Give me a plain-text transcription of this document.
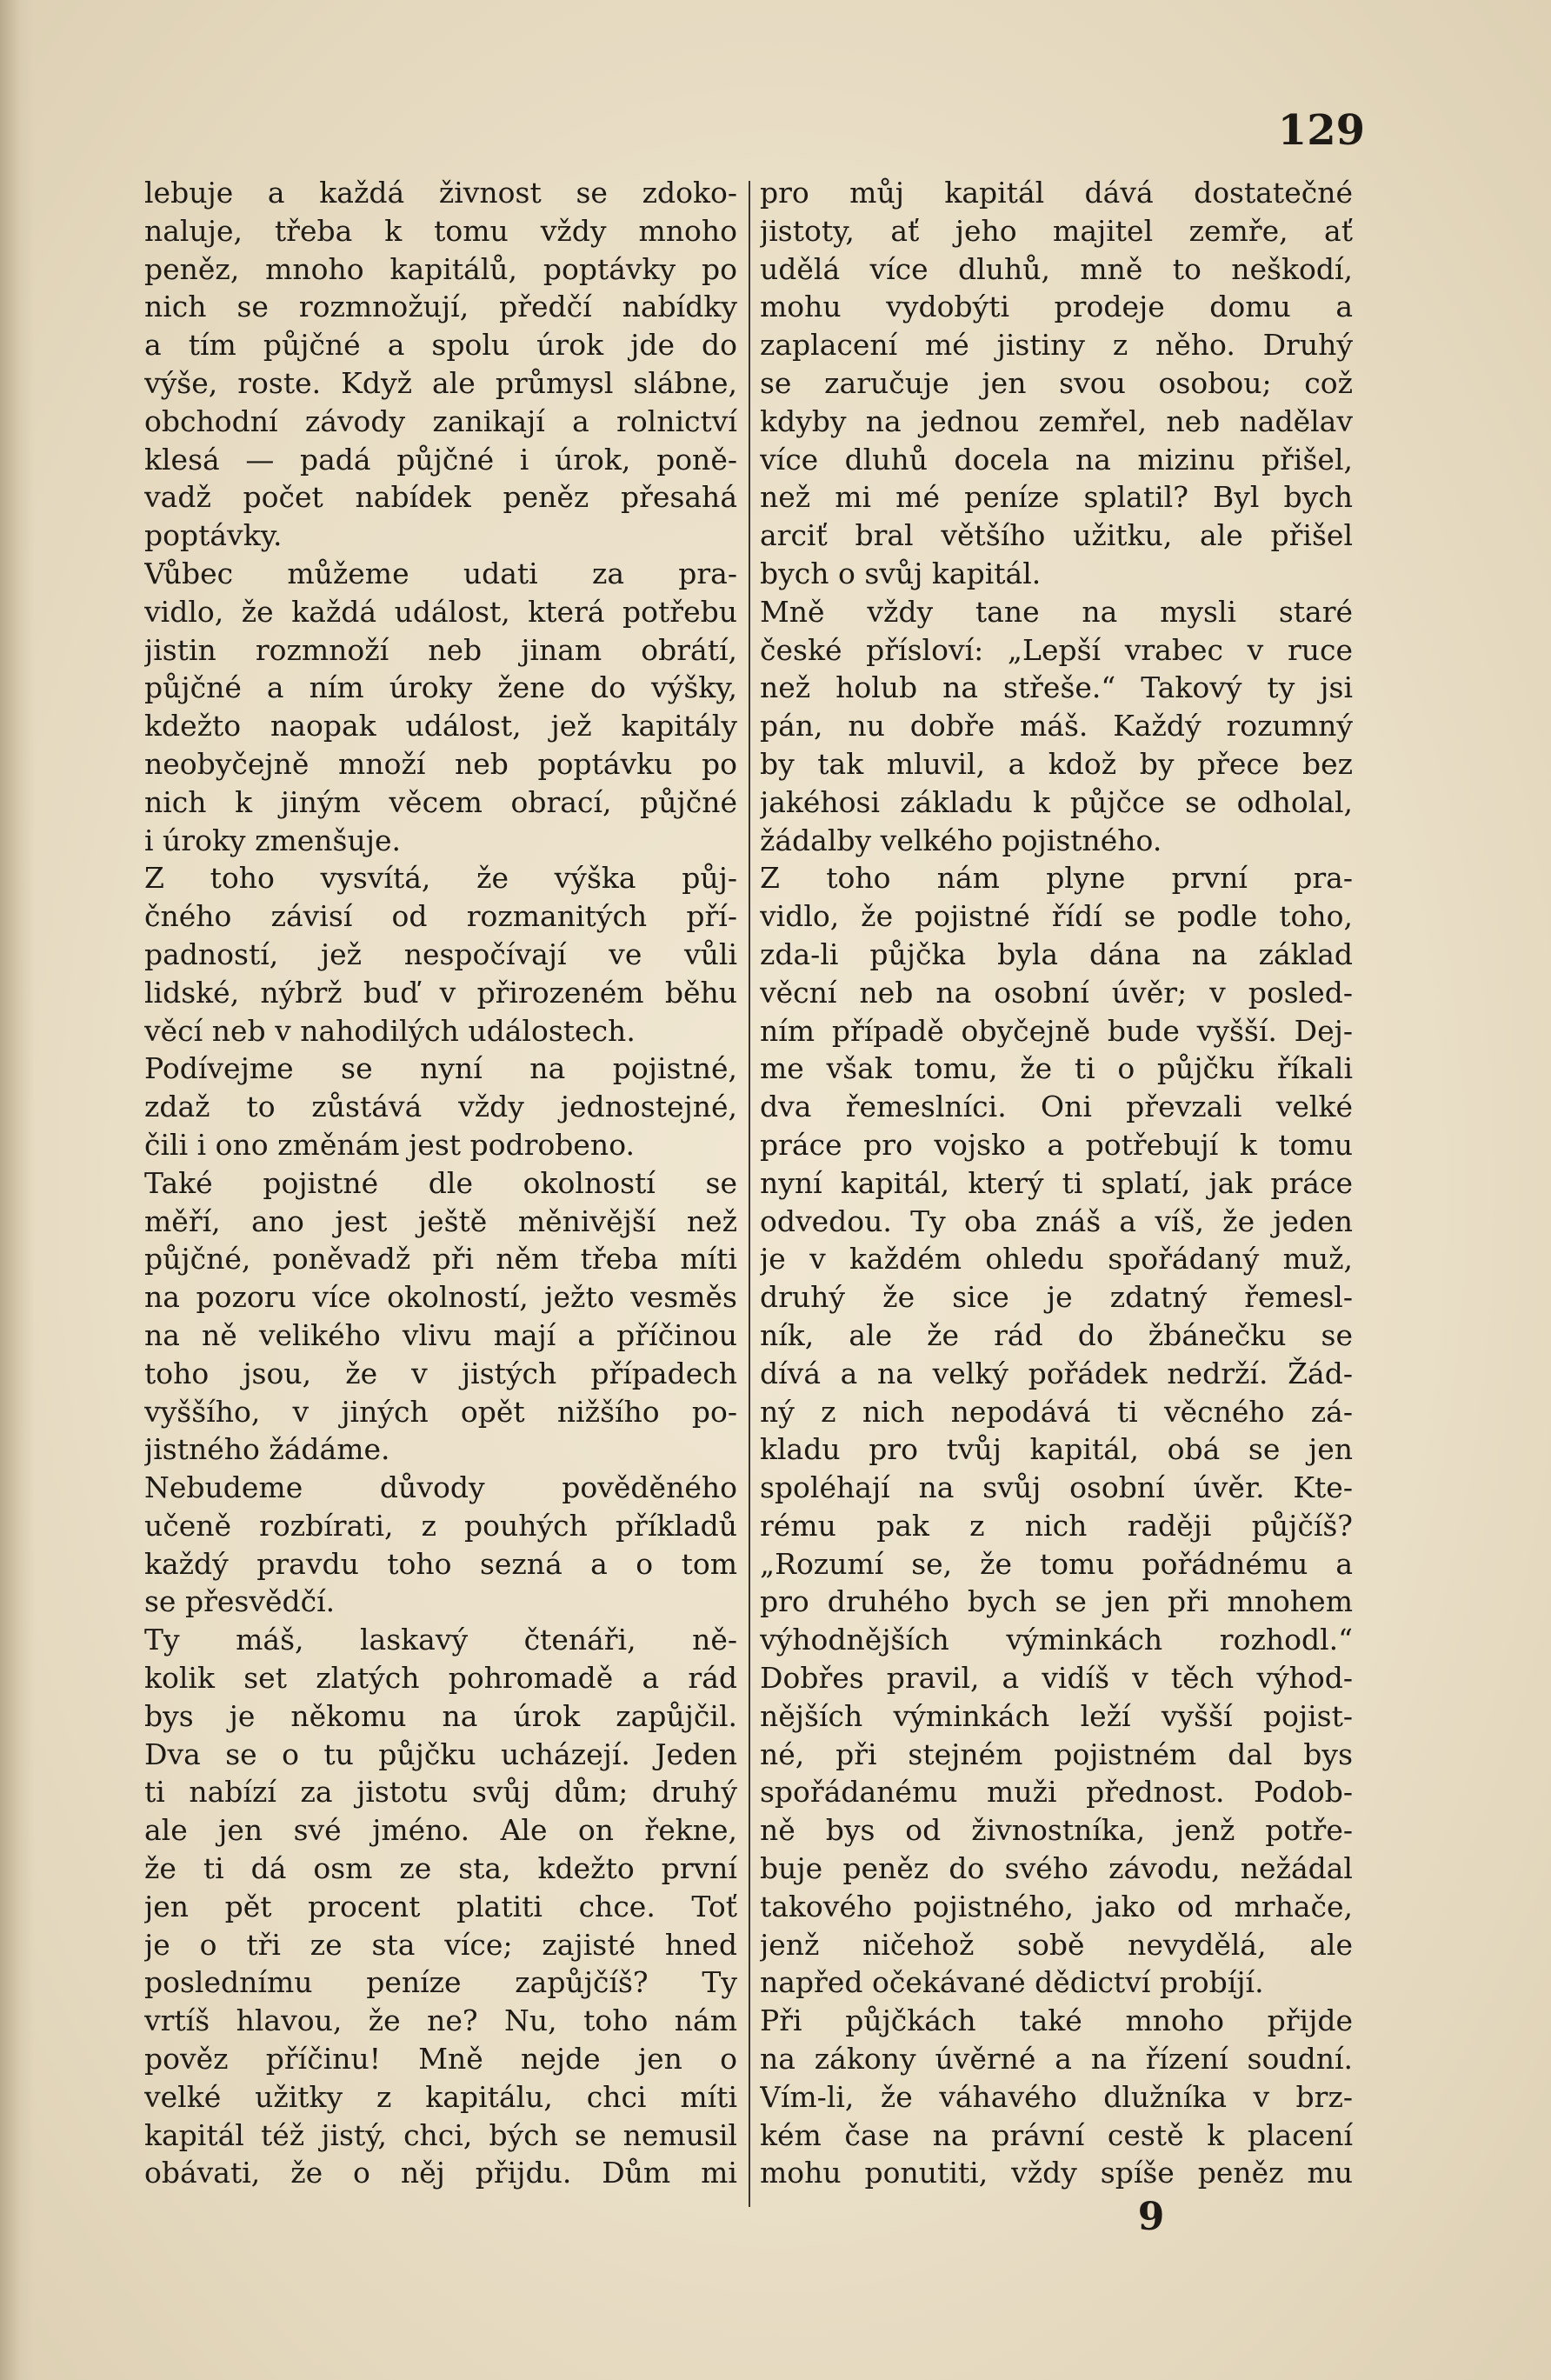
129
lebuje a každá živnost se zdoko-
naluje, třeba k tomu vždy mnoho
peněz, mnoho kapitálů, poptávky po
nich se rozmnožují, předčí nabídky
a tím půjčné a spolu úrok jde do
výše, roste. Když ale průmysl slábne,
obchodní závody zanikají a rolnictví
klesá — padá půjčné i úrok, poně-
vadž počet nabídek peněz přesahá
poptávky.
Vůbec můžeme udati za pra-
vidlo, že každá událost, která potřebu
jistin rozmnoží neb jinam obrátí,
půjčné a ním úroky žene do výšky,
kdežto naopak událost, jež kapitály
neobyčejně množí neb poptávku po
nich k jiným věcem obrací, půjčné
i úroky zmenšuje.
Z toho vysvítá, že výška půj-
čného závisí od rozmanitých pří-
padností, jež nespočívají ve vůli
lidské, nýbrž buď v přirozeném běhu
věcí neb v nahodilých událostech.
Podívejme se nyní na pojistné,
zdaž to zůstává vždy jednostejné,
čili i ono změnám jest podrobeno.
Také pojistné dle okolností se
měří, ano jest ještě měnivější než
půjčné, poněvadž při něm třeba míti
na pozoru více okolností, ježto vesměs
na ně velikého vlivu mají a příčinou
toho jsou, že v jistých případech
vyššího, v jiných opět nižšího po-
jistného žádáme.
Nebudeme důvody pověděného
učeně rozbírati, z pouhých příkladů
každý pravdu toho sezná a o tom
se přesvědčí.
Ty máš, laskavý čtenáři, ně-
kolik set zlatých pohromadě a rád
bys je někomu na úrok zapůjčil.
Dva se o tu půjčku ucházejí. Jeden
ti nabízí za jistotu svůj dům; druhý
ale jen své jméno. Ale on řekne,
že ti dá osm ze sta, kdežto první
jen pět procent platiti chce. Toť
je o tři ze sta více; zajisté hned
poslednímu peníze zapůjčíš? Ty
vrtíš hlavou, že ne? Nu, toho nám
pověz příčinu! Mně nejde jen o
velké užitky z kapitálu, chci míti
kapitál též jistý, chci, bých se nemusil
obávati, že o něj přijdu. Dům mi
pro můj kapitál dává dostatečné
jistoty, ať jeho majitel zemře, ať
udělá více dluhů, mně to neškodí,
mohu vydobýti prodeje domu a
zaplacení mé jistiny z něho. Druhý
se zaručuje jen svou osobou; což
kdyby na jednou zemřel, neb nadělav
více dluhů docela na mizinu přišel,
než mi mé peníze splatil? Byl bych
arciť bral většího užitku, ale přišel
bych o svůj kapitál.
Mně vždy tane na mysli staré
české přísloví: „Lepší vrabec v ruce
než holub na střeše.“ Takový ty jsi
pán, nu dobře máš. Každý rozumný
by tak mluvil, a kdož by přece bez
jakéhosi základu k půjčce se odholal,
žádalby velkého pojistného.
Z toho nám plyne první pra-
vidlo, že pojistné řídí se podle toho,
zda-li půjčka byla dána na základ
věcní neb na osobní úvěr; v posled-
ním případě obyčejně bude vyšší. Dej-
me však tomu, že ti o půjčku říkali
dva řemeslníci. Oni převzali velké
práce pro vojsko a potřebují k tomu
nyní kapitál, který ti splatí, jak práce
odvedou. Ty oba znáš a víš, že jeden
je v každém ohledu spořádaný muž,
druhý že sice je zdatný řemesl-
ník, ale že rád do žbánečku se
dívá a na velký pořádek nedrží. Žád-
ný z nich nepodává ti věcného zá-
kladu pro tvůj kapitál, obá se jen
spoléhají na svůj osobní úvěr. Kte-
rému pak z nich raději půjčíš?
„Rozumí se, že tomu pořádnému a
pro druhého bych se jen při mnohem
výhodnějších výminkách rozhodl.“
Dobřes pravil, a vidíš v těch výhod-
nějších výminkách leží vyšší pojist-
né, při stejném pojistném dal bys
spořádanému muži přednost. Podob-
ně bys od živnostníka, jenž potře-
buje peněz do svého závodu, nežádal
takového pojistného, jako od mrhače,
jenž ničehož sobě nevydělá, ale
napřed očekávané dědictví probíjí.
Při půjčkách také mnoho přijde
na zákony úvěrné a na řízení soudní.
Vím-li, že váhavého dlužníka v brz-
kém čase na právní cestě k placení
mohu ponutiti, vždy spíše peněz mu
9
